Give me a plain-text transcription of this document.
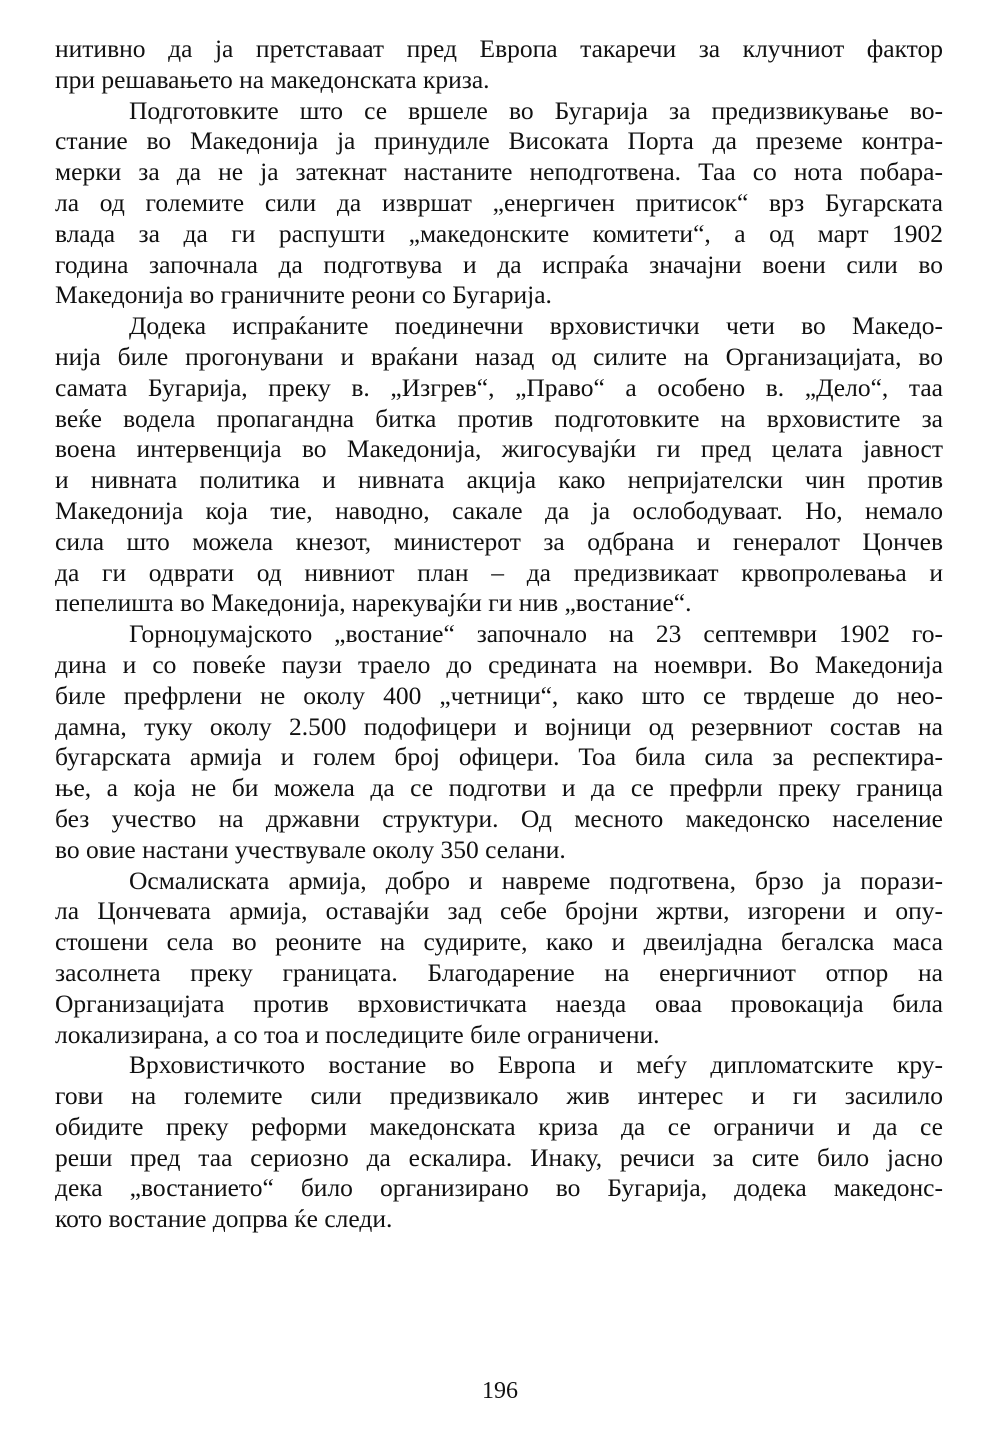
нитивно да ја претставаат пред Европа такаречи за клучниот фактор
при решавањето на македонската криза.
Подготовките што се вршеле во Бугарија за предизвикување во-
стание во Македонија ја принудиле Високата Порта да преземе контра-
мерки за да не ја затекнат настаните неподготвена. Таа со нота побара-
ла од големите сили да извршат „енергичен притисок“ врз Бугарската
влада за да ги распушти „македонските комитети“, а од март 1902
година започнала да подготвува и да испраќа значајни воени сили во
Македонија во граничните реони со Бугарија.
Додека испраќаните поединечни врховистички чети во Македо-
нија биле прогонувани и враќани назад од силите на Организацијата, во
самата Бугарија, преку в. „Изгрев“, „Право“ а особено в. „Дело“, таа
веќе водела пропагандна битка против подготовките на врховистите за
воена интервенција во Македонија, жигосувајќи ги пред целата јавност
и нивната политика и нивната акција како непријателски чин против
Македонија која тие, наводно, сакале да ја ослободуваат. Но, немало
сила што можела кнезот, министерот за одбрана и генералот Цончев
да ги одврати од нивниот план – да предизвикаат крвопролевања и
пепелишта во Македонија, нарекувајќи ги нив „востание“.
Горноџумајското „востание“ започнало на 23 септември 1902 го-
дина и со повеќе паузи траело до средината на ноември. Во Македонија
биле префрлени не околу 400 „четници“, како што се тврдеше до нео-
дамна, туку околу 2.500 подофицери и војници од резервниот состав на
бугарската армија и голем број офицери. Тоа била сила за респектира-
ње, а која не би можела да се подготви и да се префрли преку граница
без учество на државни структури. Од месното македонско население
во овие настани учествувале околу 350 селани.
Осмалиската армија, добро и навреме подготвена, брзо ја порази-
ла Цончевата армија, оставајќи зад себе бројни жртви, изгорени и опу-
стошени села во реоните на судирите, како и двеилјадна бегалска маса
засолнета преку границата. Благодарение на енергичниот отпор на
Организацијата против врховистичката наезда оваа провокација била
локализирана, а со тоа и последиците биле ограничени.
Врховистичкото востание во Европа и меѓу дипломатските кру-
гови на големите сили предизвикало жив интерес и ги засилило
обидите преку реформи македонската криза да се ограничи и да се
реши пред таа сериозно да ескалира. Инаку, речиси за сите било јасно
дека „востанието“ било организирано во Бугарија, додека македонс-
кото востание допрва ќе следи.
196
